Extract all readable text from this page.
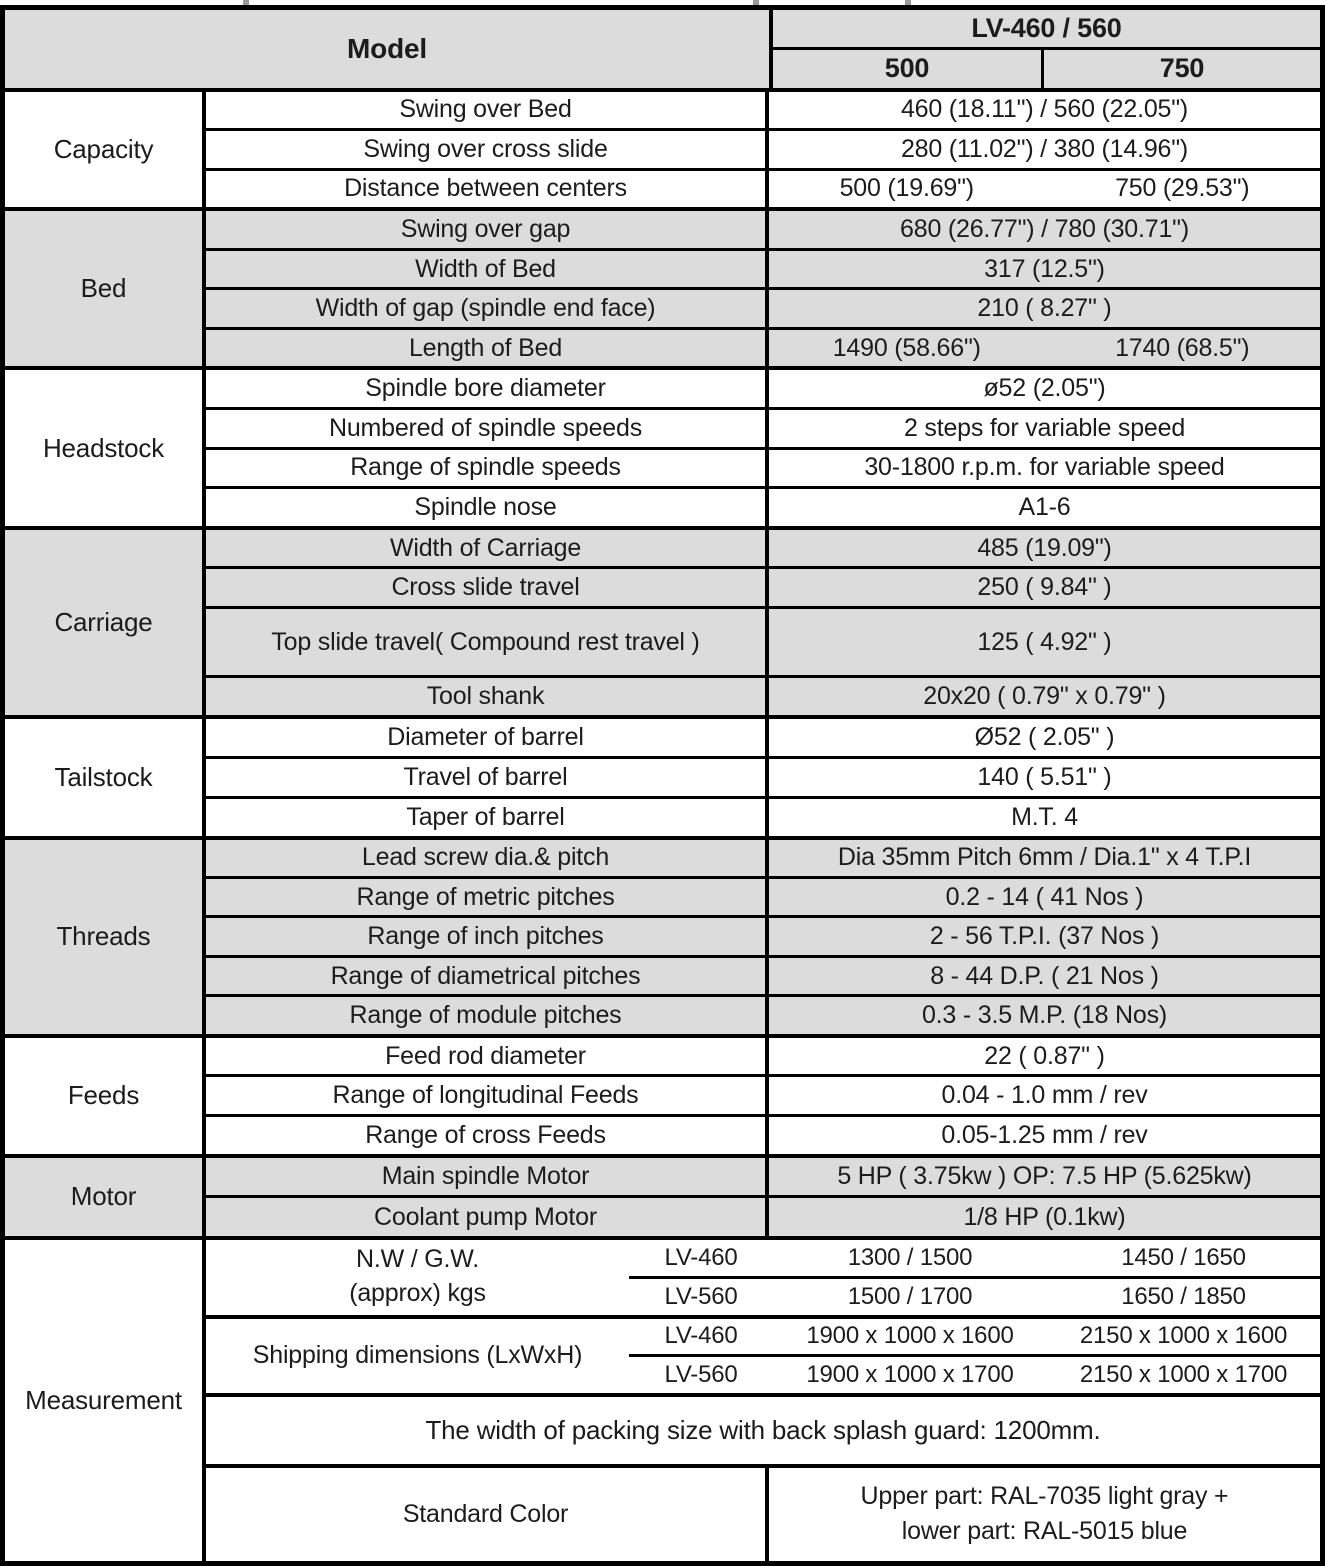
Model
LV-460 / 560
500	750
Capacity
Swing over Bed	460 (18.11") / 560 (22.05")
Swing over cross slide	280 (11.02") / 380 (14.96")
Distance between centers	500 (19.69")	750 (29.53")
Bed
Swing over gap	680 (26.77") / 780 (30.71")
Width of Bed	317 (12.5")
Width of gap (spindle end face)	210 ( 8.27" )
Length of Bed	1490 (58.66")	1740 (68.5")
Headstock
Spindle bore diameter	ø52 (2.05")
Numbered of spindle speeds	2 steps for variable speed
Range of spindle speeds	30-1800 r.p.m. for variable speed
Spindle nose	A1-6
Carriage
Width of Carriage	485 (19.09")
Cross slide travel	250 ( 9.84" )
Top slide travel( Compound rest travel )	125 ( 4.92" )
Tool shank	20x20 ( 0.79" x 0.79" )
Tailstock
Diameter of barrel	Ø52 ( 2.05" )
Travel of barrel	140 ( 5.51" )
Taper of barrel	M.T. 4
Threads
Lead screw dia.& pitch	Dia 35mm Pitch 6mm / Dia.1" x 4 T.P.I
Range of metric pitches	0.2 - 14 ( 41 Nos )
Range of inch pitches	2 - 56 T.P.I. (37 Nos )
Range of diametrical pitches	8 - 44 D.P. ( 21 Nos )
Range of module pitches	0.3 - 3.5 M.P. (18 Nos)
Feeds
Feed rod diameter	22 ( 0.87" )
Range of longitudinal Feeds	0.04 - 1.0 mm / rev
Range of cross Feeds	0.05-1.25 mm / rev
Motor
Main spindle Motor	5 HP ( 3.75kw ) OP: 7.5 HP (5.625kw)
Coolant pump Motor	1/8 HP (0.1kw)
Measurement
N.W / G.W.
(approx) kgs
LV-460	1300 / 1500	1450 / 1650
LV-560	1500 / 1700	1650 / 1850
Shipping dimensions (LxWxH)
LV-460	1900 x 1000 x 1600	2150 x 1000 x 1600
LV-560	1900 x 1000 x 1700	2150 x 1000 x 1700
The width of packing size with back splash guard: 1200mm.
Standard Color
Upper part: RAL-7035 light gray +
lower part: RAL-5015 blue
